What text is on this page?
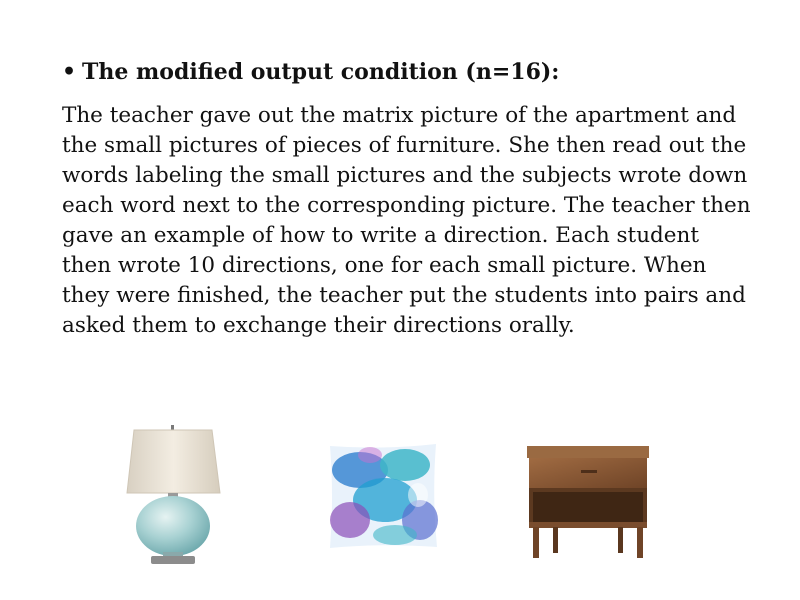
• The modified output condition (n=16):
The teacher gave out the matrix picture of the apartment and the small pictures of pieces of furniture. She then read out the words labeling the small pictures and the subjects wrote down each word next to the corresponding picture. The teacher then gave an example of how to write a direction. Each student then wrote 10 directions, one for each small picture. When they were finished, the teacher put the students into pairs and asked them to exchange their directions orally.
